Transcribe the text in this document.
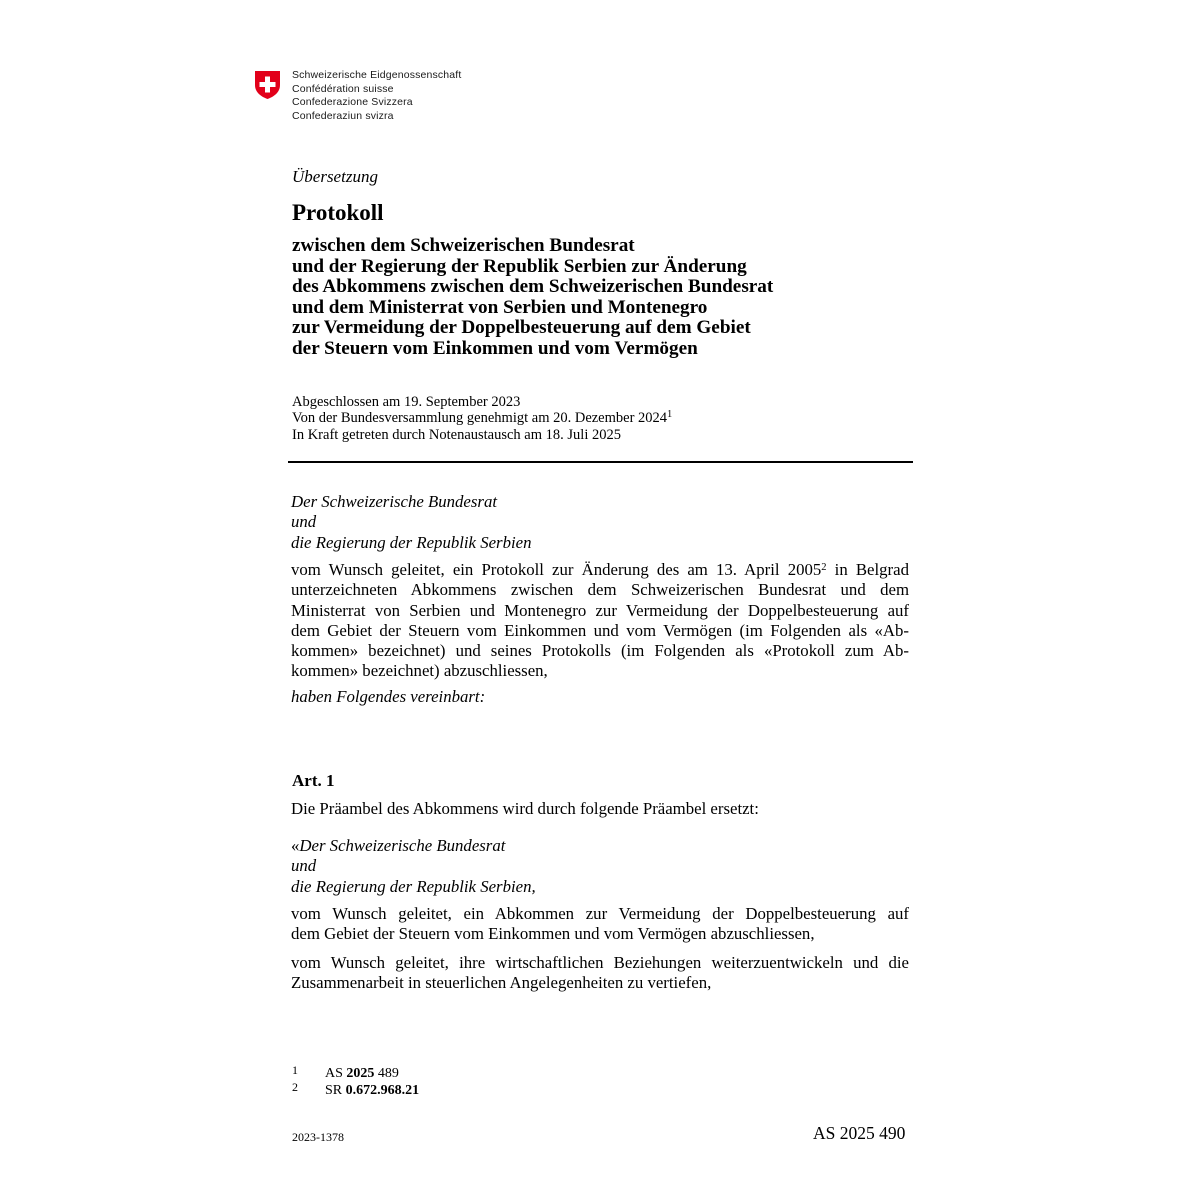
Schweizerische Eidgenossenschaft
Confédération suisse
Confederazione Svizzera
Confederaziun svizra
Übersetzung
Protokoll
zwischen dem Schweizerischen Bundesrat
und der Regierung der Republik Serbien zur Änderung
des Abkommens zwischen dem Schweizerischen Bundesrat
und dem Ministerrat von Serbien und Montenegro
zur Vermeidung der Doppelbesteuerung auf dem Gebiet
der Steuern vom Einkommen und vom Vermögen
Abgeschlossen am 19. September 2023
Von der Bundesversammlung genehmigt am 20. Dezember 2024$^1$
In Kraft getreten durch Notenaustausch am 18. Juli 2025
Der Schweizerische Bundesrat
und
die Regierung der Republik Serbien
vom Wunsch geleitet, ein Protokoll zur Änderung des am 13. April 2005$^2$ in Belgrad
unterzeichneten Abkommens zwischen dem Schweizerischen Bundesrat und dem
Ministerrat von Serbien und Montenegro zur Vermeidung der Doppelbesteuerung auf
dem Gebiet der Steuern vom Einkommen und vom Vermögen (im Folgenden als «Ab-
kommen» bezeichnet) und seines Protokolls (im Folgenden als «Protokoll zum Ab-
kommen» bezeichnet) abzuschliessen,
haben Folgendes vereinbart:
Art. 1
Die Präambel des Abkommens wird durch folgende Präambel ersetzt:
«Der Schweizerische Bundesrat
und
die Regierung der Republik Serbien,
vom Wunsch geleitet, ein Abkommen zur Vermeidung der Doppelbesteuerung auf
dem Gebiet der Steuern vom Einkommen und vom Vermögen abzuschliessen,
vom Wunsch geleitet, ihre wirtschaftlichen Beziehungen weiterzuentwickeln und die
Zusammenarbeit in steuerlichen Angelegenheiten zu vertiefen,
1 AS 2025 489
2 SR 0.672.968.21
2023-1378	AS 2025 490
